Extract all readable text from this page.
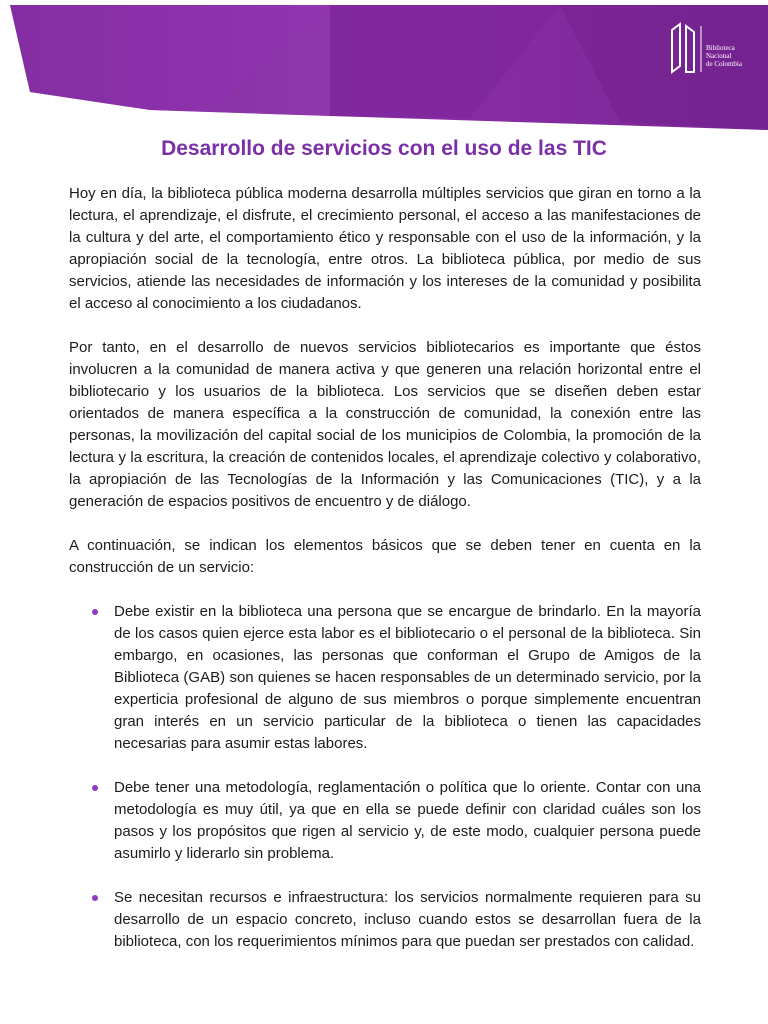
Biblioteca
Nacional
de Colombia
Desarrollo de servicios con el uso de las TIC

Hoy en día, la biblioteca pública moderna desarrolla múltiples servicios que giran en torno a la lectura, el aprendizaje, el disfrute, el crecimiento personal, el acceso a las manifestaciones de la cultura y del arte, el comportamiento ético y responsable con el uso de la información, y la apropiación social de la tecnología, entre otros. La biblioteca pública, por medio de sus servicios, atiende las necesidades de información y los intereses de la comunidad y posibilita el acceso al conocimiento a los ciudadanos.

Por tanto, en el desarrollo de nuevos servicios bibliotecarios es importante que éstos involucren a la comunidad de manera activa y que generen una relación horizontal entre el bibliotecario y los usuarios de la biblioteca. Los servicios que se diseñen deben estar orientados de manera específica a la construcción de comunidad, la conexión entre las personas, la movilización del capital social de los municipios de Colombia, la promoción de la lectura y la escritura, la creación de contenidos locales, el aprendizaje colectivo y colaborativo, la apropiación de las Tecnologías de la Información y las Comunicaciones (TIC), y a la generación de espacios positivos de encuentro y de diálogo.

A continuación, se indican los elementos básicos que se deben tener en cuenta en la construcción de un servicio:

Debe existir en la biblioteca una persona que se encargue de brindarlo. En la mayoría de los casos quien ejerce esta labor es el bibliotecario o el personal de la biblioteca. Sin embargo, en ocasiones, las personas que conforman el Grupo de Amigos de la Biblioteca (GAB) son quienes se hacen responsables de un determinado servicio, por la experticia profesional de alguno de sus miembros o porque simplemente encuentran gran interés en un servicio particular de la biblioteca o tienen las capacidades necesarias para asumir estas labores.
Debe tener una metodología, reglamentación o política que lo oriente. Contar con una metodología es muy útil, ya que en ella se puede definir con claridad cuáles son los pasos y los propósitos que rigen al servicio y, de este modo, cualquier persona puede asumirlo y liderarlo sin problema.
Se necesitan recursos e infraestructura: los servicios normalmente requieren para su desarrollo de un espacio concreto, incluso cuando estos se desarrollan fuera de la biblioteca, con los requerimientos mínimos para que puedan ser prestados con calidad.
